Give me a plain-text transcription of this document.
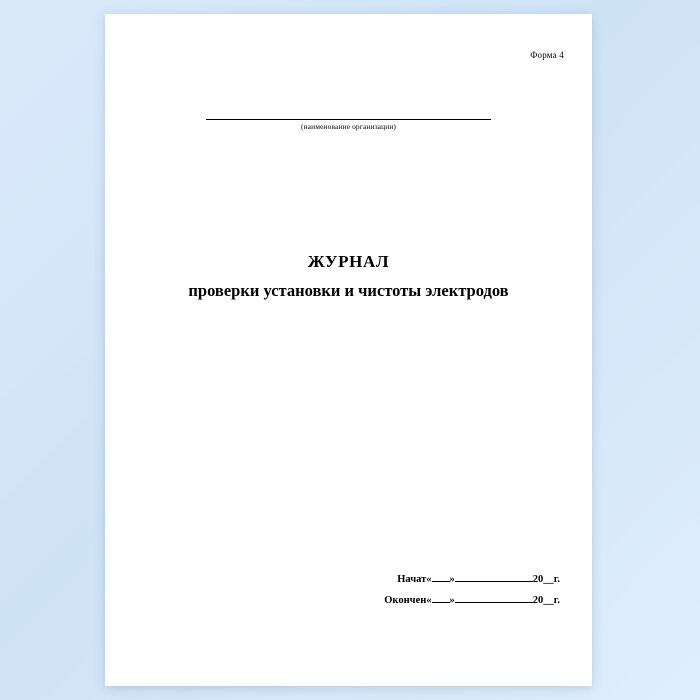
Форма 4
(наименование организации)
ЖУРНАЛ
проверки установки и чистоты электродов
Начат« »	20__г.
Окончен« »	20__г.
